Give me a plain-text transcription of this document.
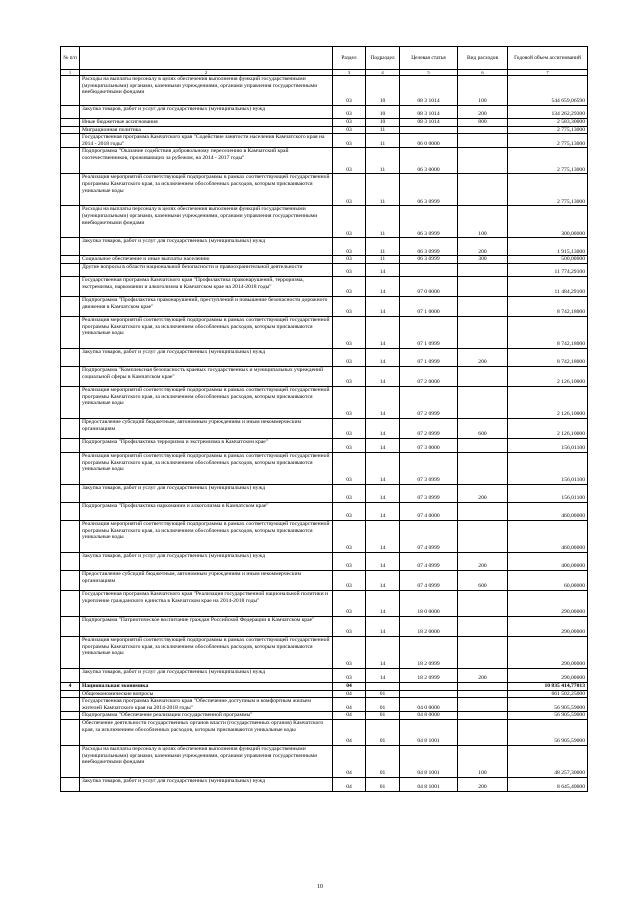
№ п/п		Раздел	Подраздел	Целевая статья	Вид расходов	Годовой объем ассигнований
1	2	3	4	5	6	7
	Расходы на выплаты персоналу в целях обеспечения выполнения функций государственными (муниципальными) органами, казенными учреждениями, органами управления государственными внебюджетными фондами	03	10	08 3 1014	100	544 659,06590
	Закупка товаров, работ и услуг для государственных (муниципальных) нужд	03	10	08 3 1014	200	134 262,29300
	Иные бюджетные ассигнования	03	10	08 3 1014	800	2 583,30000
	Миграционная политика	03	11			2 775,13000
	Государственная программа Камчатского края "Содействие занятости населения Камчатского края на 2014 - 2018 годы"	03	11	06 0 0000		2 775,13000
	Подпрограмма "Оказание содействия добровольному переселению в Камчатский край соотечественников, проживающих за рубежом, на 2014 - 2017 годы"	03	11	06 3 0000		2 775,13000
	Реализация мероприятий соответствующей подпрограммы в рамках соответствующей государственной программы Камчатского края, за исключением обособленных расходов, которым присваиваются уникальные коды	03	11	06 3 0999		2 775,13000
	Расходы на выплаты персоналу в целях обеспечения выполнения функций государственными (муниципальными) органами, казенными учреждениями, органами управления государственными внебюджетными фондами	03	11	06 3 0999	100	300,00000
	Закупка товаров, работ и услуг для государственных (муниципальных) нужд	03	11	06 3 0999	200	1 915,13000
	Социальное обеспечение и иные выплаты населению	03	11	06 3 0999	300	500,00000
	Другие вопросы в области национальной безопасности и правоохранительной деятельности	03	14			11 774,29100
	Государственная программа Камчатского края "Профилактика правонарушений, терроризма, экстремизма, наркомании и алкоголизма в Камчатском крае на 2014-2018 годы"	03	14	07 0 0000		11 484,29100
	Подпрограмма "Профилактика правонарушений, преступлений и повышение безопасности дорожного движения в Камчатском крае"	03	14	07 1 0000		8 742,18000
	Реализация мероприятий соответствующей подпрограммы в рамках соответствующей государственной программы Камчатского края, за исключением обособленных расходов, которым присваиваются уникальные коды	03	14	07 1 0999		8 742,18000
	Закупка товаров, работ и услуг для государственных (муниципальных) нужд	03	14	07 1 0999	200	8 742,18000
	Подпрограмма "Комплексная безопасность краевых государственных и муниципальных учреждений социальной сферы в Камчатском крае"	03	14	07 2 0000		2 126,10000
	Реализация мероприятий соответствующей подпрограммы в рамках соответствующей государственной программы Камчатского края, за исключением обособленных расходов, которым присваиваются уникальные коды	03	14	07 2 0999		2 126,10000
	Предоставление субсидий бюджетным, автономным учреждениям и иным некоммерческим организациям	03	14	07 2 0999	600	2 126,10000
	Подпрограмма "Профилактика терроризма и экстремизма в Камчатском крае"	03	14	07 3 0000		156,01100
	Реализация мероприятий соответствующей подпрограммы в рамках соответствующей государственной программы Камчатского края, за исключением обособленных расходов, которым присваиваются уникальные коды	03	14	07 3 0999		156,01100
	Закупка товаров, работ и услуг для государственных (муниципальных) нужд	03	14	07 3 0999	200	156,01100
	Подпрограмма "Профилактика наркомании и алкоголизма в Камчатском крае"	03	14	07 4 0000		460,00000
	Реализация мероприятий соответствующей подпрограммы в рамках соответствующей государственной программы Камчатского края, за исключением обособленных расходов, которым присваиваются уникальные коды	03	14	07 4 0999		460,00000
	Закупка товаров, работ и услуг для государственных (муниципальных) нужд	03	14	07 4 0999	200	400,00000
	Предоставление субсидий бюджетным, автономным учреждениям и иным некоммерческим организациям	03	14	07 4 0999	600	60,00000
	Государственная программа Камчатского края "Реализация государственной национальной политики и укрепление гражданского единства в Камчатском крае на 2014-2018 годы"	03	14	18 0 0000		290,00000
	Подпрограмма "Патриотическое воспитание граждан Российской Федерации в Камчатском крае"	03	14	18 2 0000		290,00000
	Реализация мероприятий соответствующей подпрограммы в рамках соответствующей государственной программы Камчатского края, за исключением обособленных расходов, которым присваиваются уникальные коды	03	14	18 2 0999		290,00000
	Закупка товаров, работ и услуг для государственных (муниципальных) нужд	03	14	18 2 0999	200	290,00000
4	Национальная экономика	04				10 835 414,77013
	Общеэкономические вопросы	04	01			661 502,25000
	Государственная программа Камчатского края "Обеспечение доступным и комфортным жильем жителей Камчатского края на 2014-2018 годы"	04	01	04 0 0000		56 905,59000
	Подпрограмма "Обеспечение реализации государственной программы"	04	01	04 8 0000		56 905,59000
	Обеспечение деятельности государственных органов власти (государственных органов) Камчатского края, за исключением обособленных расходов, которым присваиваются уникальные коды	04	01	04 8 1001		56 905,59000
	Расходы на выплаты персоналу в целях обеспечения выполнения функций государственными (муниципальными) органами, казенными учреждениями, органами управления государственными внебюджетными фондами	04	01	04 8 1001	100	48 257,30000
	Закупка товаров, работ и услуг для государственных (муниципальных) нужд	04	01	04 8 1001	200	8 645,40000
10
